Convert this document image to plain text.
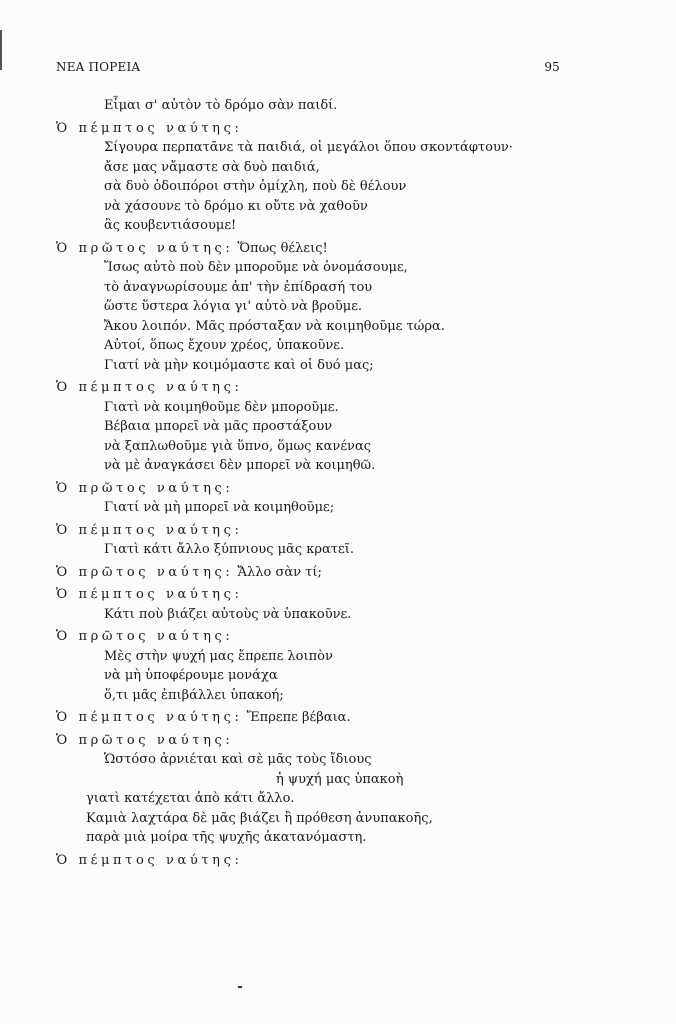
ΝΕΑ ΠΟΡΕΙΑ	95
Εἶμαι σ' αὐτὸν τὸ δρόμο σὰν παιδί.
Ὁ πέμπτος ναύτης:
Σίγουρα περπατᾶνε τὰ παιδιά, οἱ μεγάλοι ὅπου σκοντάφτουν·
ἄσε μας νἄμαστε σὰ δυὸ παιδιά,
σὰ δυὸ ὁδοιπόροι στὴν ὁμίχλη, ποὺ δὲ θέλουν
νὰ χάσουνε τὸ δρόμο κι οὔτε νὰ χαθοῦν
ἂς κουβεντιάσουμε!
Ὁ πρῶτος ναύτης: Ὅπως θέλεις!
Ἴσως αὐτὸ ποὺ δὲν μποροῦμε νὰ ὀνομάσουμε,
τὸ ἀναγνωρίσουμε ἀπ' τὴν ἐπίδρασή του
ὥστε ὕστερα λόγια γι' αὐτὸ νὰ βροῦμε.
Ἄκου λοιπόν. Μᾶς πρόσταξαν νὰ κοιμηθοῦμε τώρα.
Αὐτοί, ὅπως ἔχουν χρέος, ὑπακοῦνε.
Γιατί νὰ μὴν κοιμόμαστε καὶ οἱ δυό μας;
Ὁ πέμπτος ναύτης:
Γιατὶ νὰ κοιμηθοῦμε δὲν μποροῦμε.
Βέβαια μπορεῖ νὰ μᾶς προστάξουν
νὰ ξαπλωθοῦμε γιὰ ὕπνο, ὅμως κανένας
νὰ μὲ ἀναγκάσει δὲν μπορεῖ νὰ κοιμηθῶ.
Ὁ πρῶτος ναύτης:
Γιατί νὰ μὴ μπορεῖ νὰ κοιμηθοῦμε;
Ὁ πέμπτος ναύτης:
Γιατὶ κάτι ἄλλο ξύπνιους μᾶς κρατεῖ.
Ὁ πρῶτος ναύτης: Ἄλλο σὰν τί;
Ὁ πέμπτος ναύτης:
Κάτι ποὺ βιάζει αὐτοὺς νὰ ὑπακοῦνε.
Ὁ πρῶτος ναύτης:
Μὲς στὴν ψυχή μας ἔπρεπε λοιπὸν
νὰ μὴ ὑποφέρουμε μονάχα
ὅ,τι μᾶς ἐπιβάλλει ὑπακοή;
Ὁ πέμπτος ναύτης: Ἔπρεπε βέβαια.
Ὁ πρῶτος ναύτης:
Ὡστόσο ἀρνιέται καὶ σὲ μᾶς τοὺς ἴδιους
ἡ ψυχή μας ὑπακοὴ
γιατὶ κατέχεται ἀπὸ κάτι ἄλλο.
Καμιὰ λαχτάρα δὲ μᾶς βιάζει ἢ πρόθεση ἀνυπακοῆς,
παρὰ μιὰ μοίρα τῆς ψυχῆς ἀκατανόμαστη.
Ὁ πέμπτος ναύτης:
